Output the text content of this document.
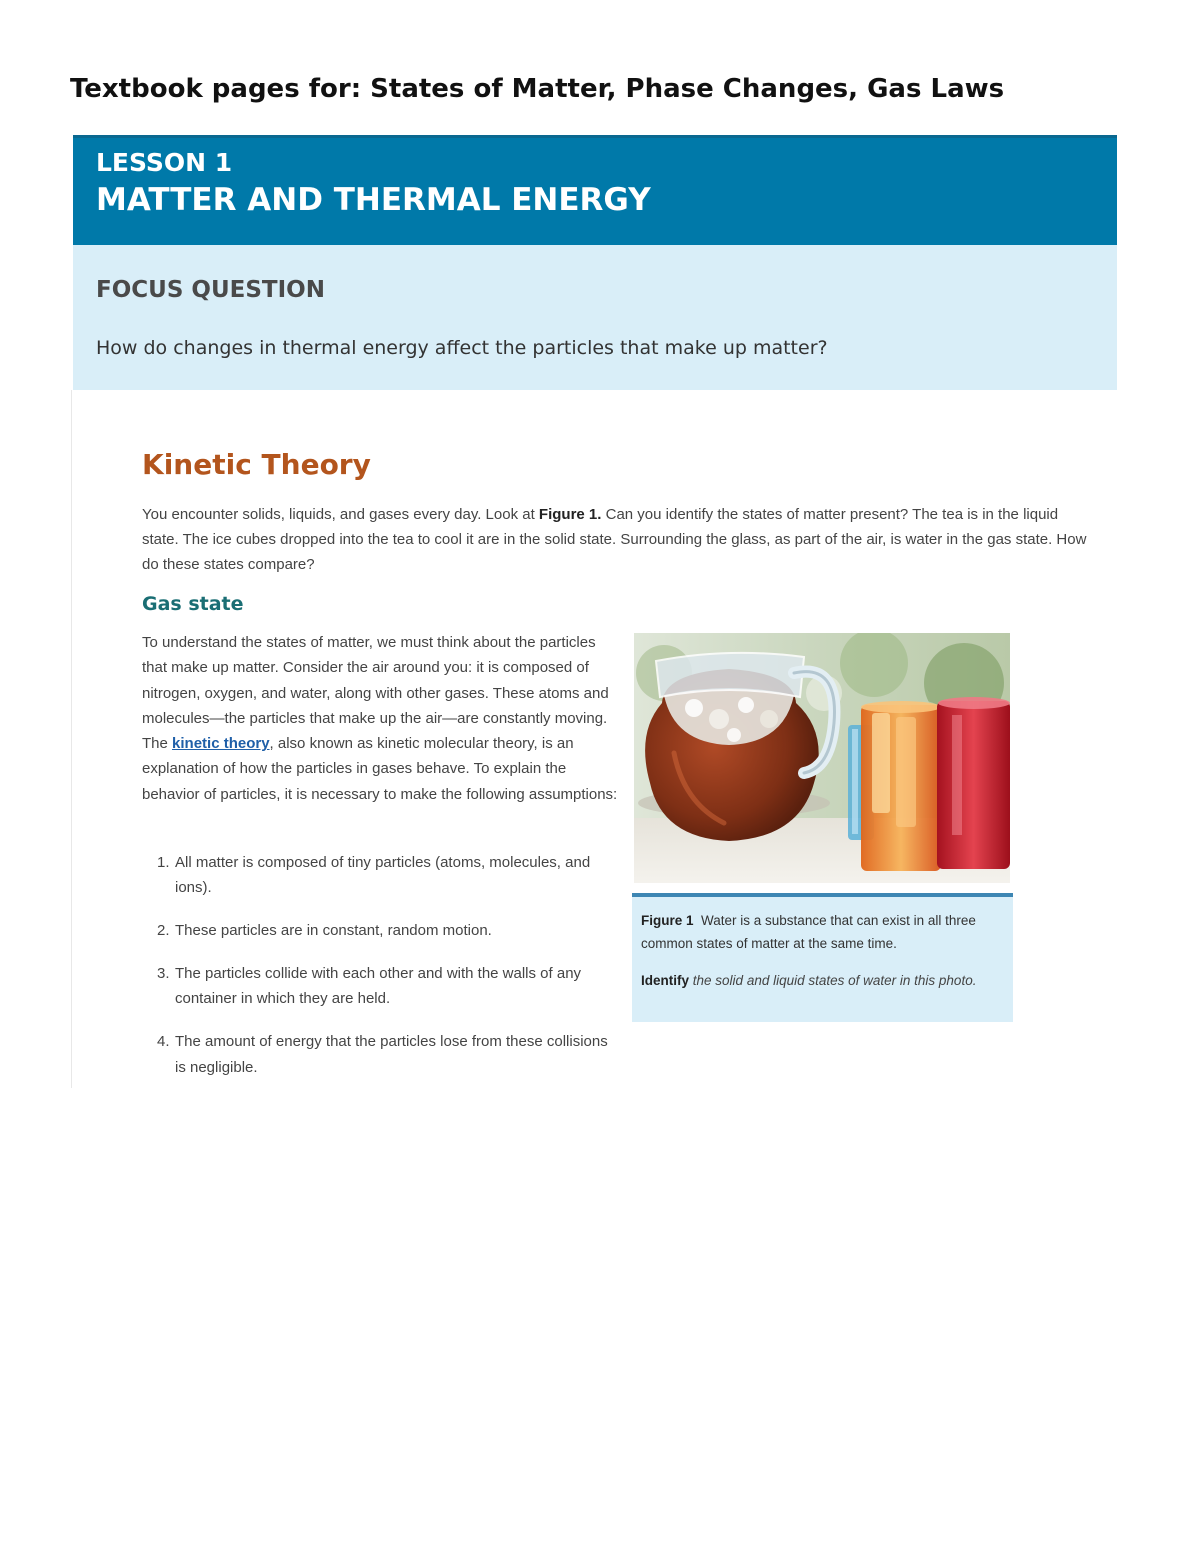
Textbook pages for: States of Matter, Phase Changes, Gas Laws
LESSON 1
MATTER AND THERMAL ENERGY
FOCUS QUESTION
How do changes in thermal energy affect the particles that make up matter?
Kinetic Theory

You encounter solids, liquids, and gases every day. Look at Figure 1. Can you identify the states of matter present? The tea is in the liquid state. The ice cubes dropped into the tea to cool it are in the solid state. Surrounding the glass, as part of the air, is water in the gas state. How do these states compare?

Gas state

To understand the states of matter, we must think about the particles that make up matter. Consider the air around you: it is composed of nitrogen, oxygen, and water, along with other gases. These atoms and molecules—the particles that make up the air—are constantly moving. The kinetic theory, also known as kinetic molecular theory, is an explanation of how the particles in gases behave. To explain the behavior of particles, it is necessary to make the following assumptions:

1. All matter is composed of tiny particles (atoms, molecules, and ions).
2. These particles are in constant, random motion.
3. The particles collide with each other and with the walls of any container in which they are held.
4. The amount of energy that the particles lose from these collisions is negligible.

Figure 1 Water is a substance that can exist in all three common states of matter at the same time.

Identify the solid and liquid states of water in this photo.
